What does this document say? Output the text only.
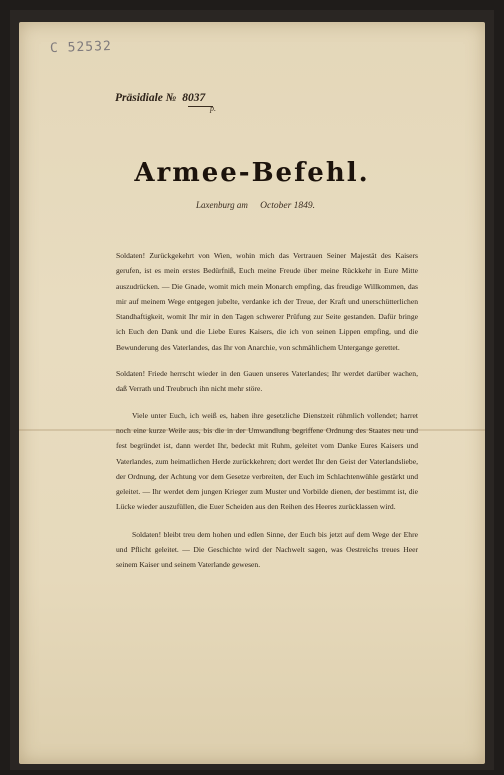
C 52532
Präsidiale № 8037
p.
Armee-Befehl.
Laxenburg am October 1849.

Soldaten! Zurückgekehrt von Wien, wohin mich das Vertrauen Seiner Majestät des Kaisers gerufen, ist es mein erstes Bedürfniß, Euch meine Freude über meine Rückkehr in Eure Mitte auszudrücken. — Die Gnade, womit mich mein Monarch empfing, das freudige Willkommen, das mir auf meinem Wege entgegen jubelte, verdanke ich der Treue, der Kraft und unerschütterlichen Standhaftigkeit, womit Ihr mir in den Tagen schwerer Prüfung zur Seite gestanden. Dafür bringe ich Euch den Dank und die Liebe Eures Kaisers, die ich von seinen Lippen empfing, und die Bewunderung des Vaterlandes, das Ihr von Anarchie, von schmählichem Untergange gerettet.

Soldaten! Friede herrscht wieder in den Gauen unseres Vaterlandes; Ihr werdet darüber wachen, daß Verrath und Treubruch ihn nicht mehr störe.

Viele unter Euch, ich weiß es, haben ihre gesetzliche Dienstzeit rühmlich vollendet; harret noch eine kurze Weile aus, bis die in der Umwandlung begriffene Ordnung des Staates neu und fest begründet ist, dann werdet Ihr, bedeckt mit Ruhm, geleitet vom Danke Eures Kaisers und Vaterlandes, zum heimatlichen Herde zurückkehren; dort werdet Ihr den Geist der Vaterlandsliebe, der Ordnung, der Achtung vor dem Gesetze verbreiten, der Euch im Schlachtenwühle gestärkt und geleitet. — Ihr werdet dem jungen Krieger zum Muster und Vorbilde dienen, der bestimmt ist, die Lücke wieder auszufüllen, die Euer Scheiden aus den Reihen des Heeres zurücklassen wird.

Soldaten! bleibt treu dem hohen und edlen Sinne, der Euch bis jetzt auf dem Wege der Ehre und Pflicht geleitet. — Die Geschichte wird der Nachwelt sagen, was Oestreichs treues Heer seinem Kaiser und seinem Vaterlande gewesen.
